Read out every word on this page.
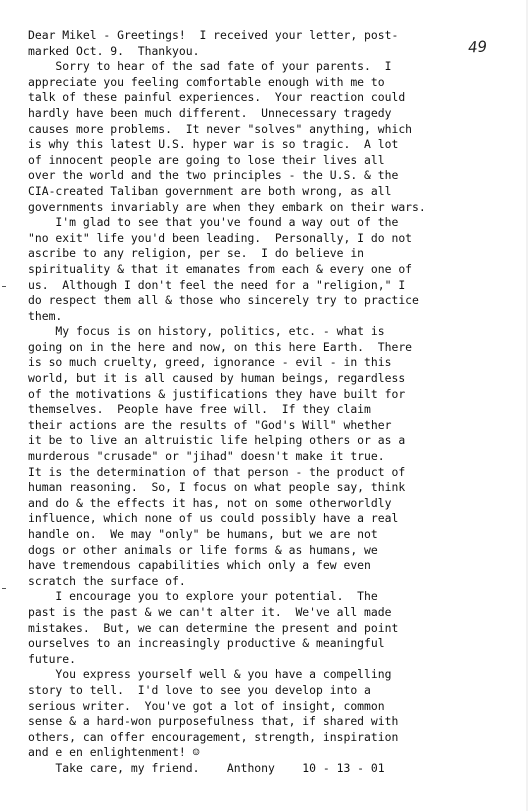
49
Dear Mikel - Greetings!  I received your letter, post-
marked Oct. 9.  Thankyou.
Sorry to hear of the sad fate of your parents.  I
appreciate you feeling comfortable enough with me to
talk of these painful experiences.  Your reaction could
hardly have been much different.  Unnecessary tragedy
causes more problems.  It never "solves" anything, which
is why this latest U.S. hyper war is so tragic.  A lot
of innocent people are going to lose their lives all
over the world and the two principles - the U.S. & the
CIA-created Taliban government are both wrong, as all
governments invariably are when they embark on their wars.
I'm glad to see that you've found a way out of the
"no exit" life you'd been leading.  Personally, I do not
ascribe to any religion, per se.  I do believe in
spirituality & that it emanates from each & every one of
us.  Although I don't feel the need for a "religion," I
do respect them all & those who sincerely try to practice
them.
My focus is on history, politics, etc. - what is
going on in the here and now, on this here Earth.  There
is so much cruelty, greed, ignorance - evil - in this
world, but it is all caused by human beings, regardless
of the motivations & justifications they have built for
themselves.  People have free will.  If they claim
their actions are the results of "God's Will" whether
it be to live an altruistic life helping others or as a
murderous "crusade" or "jihad" doesn't make it true.
It is the determination of that person - the product of
human reasoning.  So, I focus on what people say, think
and do & the effects it has, not on some otherworldly
influence, which none of us could possibly have a real
handle on.  We may "only" be humans, but we are not
dogs or other animals or life forms & as humans, we
have tremendous capabilities which only a few even
scratch the surface of.
I encourage you to explore your potential.  The
past is the past & we can't alter it.  We've all made
mistakes.  But, we can determine the present and point
ourselves to an increasingly productive & meaningful
future.
You express yourself well & you have a compelling
story to tell.  I'd love to see you develop into a
serious writer.  You've got a lot of insight, common
sense & a hard-won purposefulness that, if shared with
others, can offer encouragement, strength, inspiration
and e en enlightenment! ☺
Take care, my friend.    Anthony    10 - 13 - 01
